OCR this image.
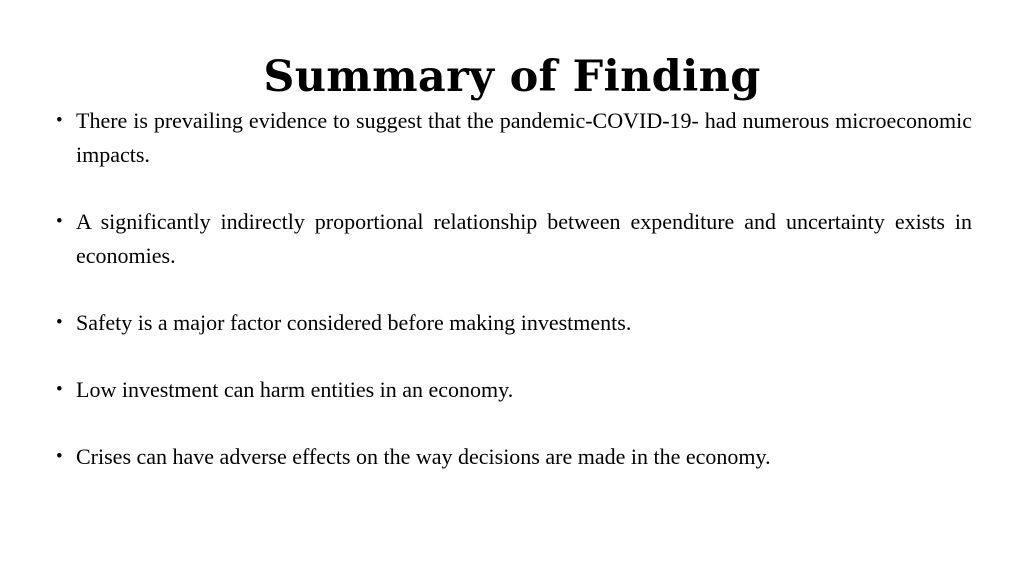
Summary of Finding
• There is prevailing evidence to suggest that the pandemic-COVID-19- had numerous microeconomic impacts.
• A significantly indirectly proportional relationship between expenditure and uncertainty exists in economies.
• Safety is a major factor considered before making investments.
• Low investment can harm entities in an economy.
• Crises can have adverse effects on the way decisions are made in the economy.
